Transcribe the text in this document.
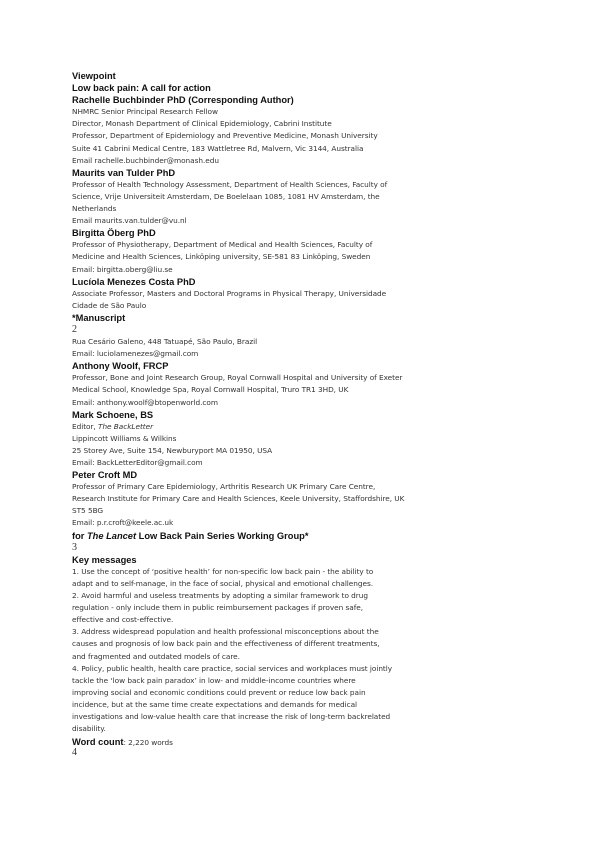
Viewpoint
Low back pain: A call for action
Rachelle Buchbinder PhD (Corresponding Author)
NHMRC Senior Principal Research Fellow
Director, Monash Department of Clinical Epidemiology, Cabrini Institute
Professor, Department of Epidemiology and Preventive Medicine, Monash University
Suite 41 Cabrini Medical Centre, 183 Wattletree Rd, Malvern, Vic 3144, Australia
Email rachelle.buchbinder@monash.edu
Maurits van Tulder PhD
Professor of Health Technology Assessment, Department of Health Sciences, Faculty of
Science, Vrije Universiteit Amsterdam, De Boelelaan 1085, 1081 HV Amsterdam, the
Netherlands
Email maurits.van.tulder@vu.nl
Birgitta Öberg PhD
Professor of Physiotherapy, Department of Medical and Health Sciences, Faculty of
Medicine and Health Sciences, Linköping university, SE-581 83 Linköping, Sweden
Email: birgitta.oberg@liu.se
Lucíola Menezes Costa PhD
Associate Professor, Masters and Doctoral Programs in Physical Therapy, Universidade
Cidade de São Paulo
*Manuscript
2
Rua Cesário Galeno, 448 Tatuapé, São Paulo, Brazil
Email: luciolamenezes@gmail.com
Anthony Woolf, FRCP
Professor, Bone and Joint Research Group, Royal Cornwall Hospital and University of Exeter
Medical School, Knowledge Spa, Royal Cornwall Hospital, Truro TR1 3HD, UK
Email: anthony.woolf@btopenworld.com
Mark Schoene, BS
Editor, The BackLetter
Lippincott Williams & Wilkins
25 Storey Ave, Suite 154, Newburyport MA 01950, USA
Email: BackLetterEditor@gmail.com
Peter Croft MD
Professor of Primary Care Epidemiology, Arthritis Research UK Primary Care Centre,
Research Institute for Primary Care and Health Sciences, Keele University, Staffordshire, UK
ST5 5BG
Email: p.r.croft@keele.ac.uk
for The Lancet Low Back Pain Series Working Group*
3
Key messages
1. Use the concept of ‘positive health’ for non-specific low back pain - the ability to
adapt and to self-manage, in the face of social, physical and emotional challenges.
2. Avoid harmful and useless treatments by adopting a similar framework to drug
regulation - only include them in public reimbursement packages if proven safe,
effective and cost-effective.
3. Address widespread population and health professional misconceptions about the
causes and prognosis of low back pain and the effectiveness of different treatments,
and fragmented and outdated models of care.
4. Policy, public health, health care practice, social services and workplaces must jointly
tackle the ‘low back pain paradox’ in low- and middle-income countries where
improving social and economic conditions could prevent or reduce low back pain
incidence, but at the same time create expectations and demands for medical
investigations and low-value health care that increase the risk of long-term backrelated
disability.
Word count: 2,220 words
4
